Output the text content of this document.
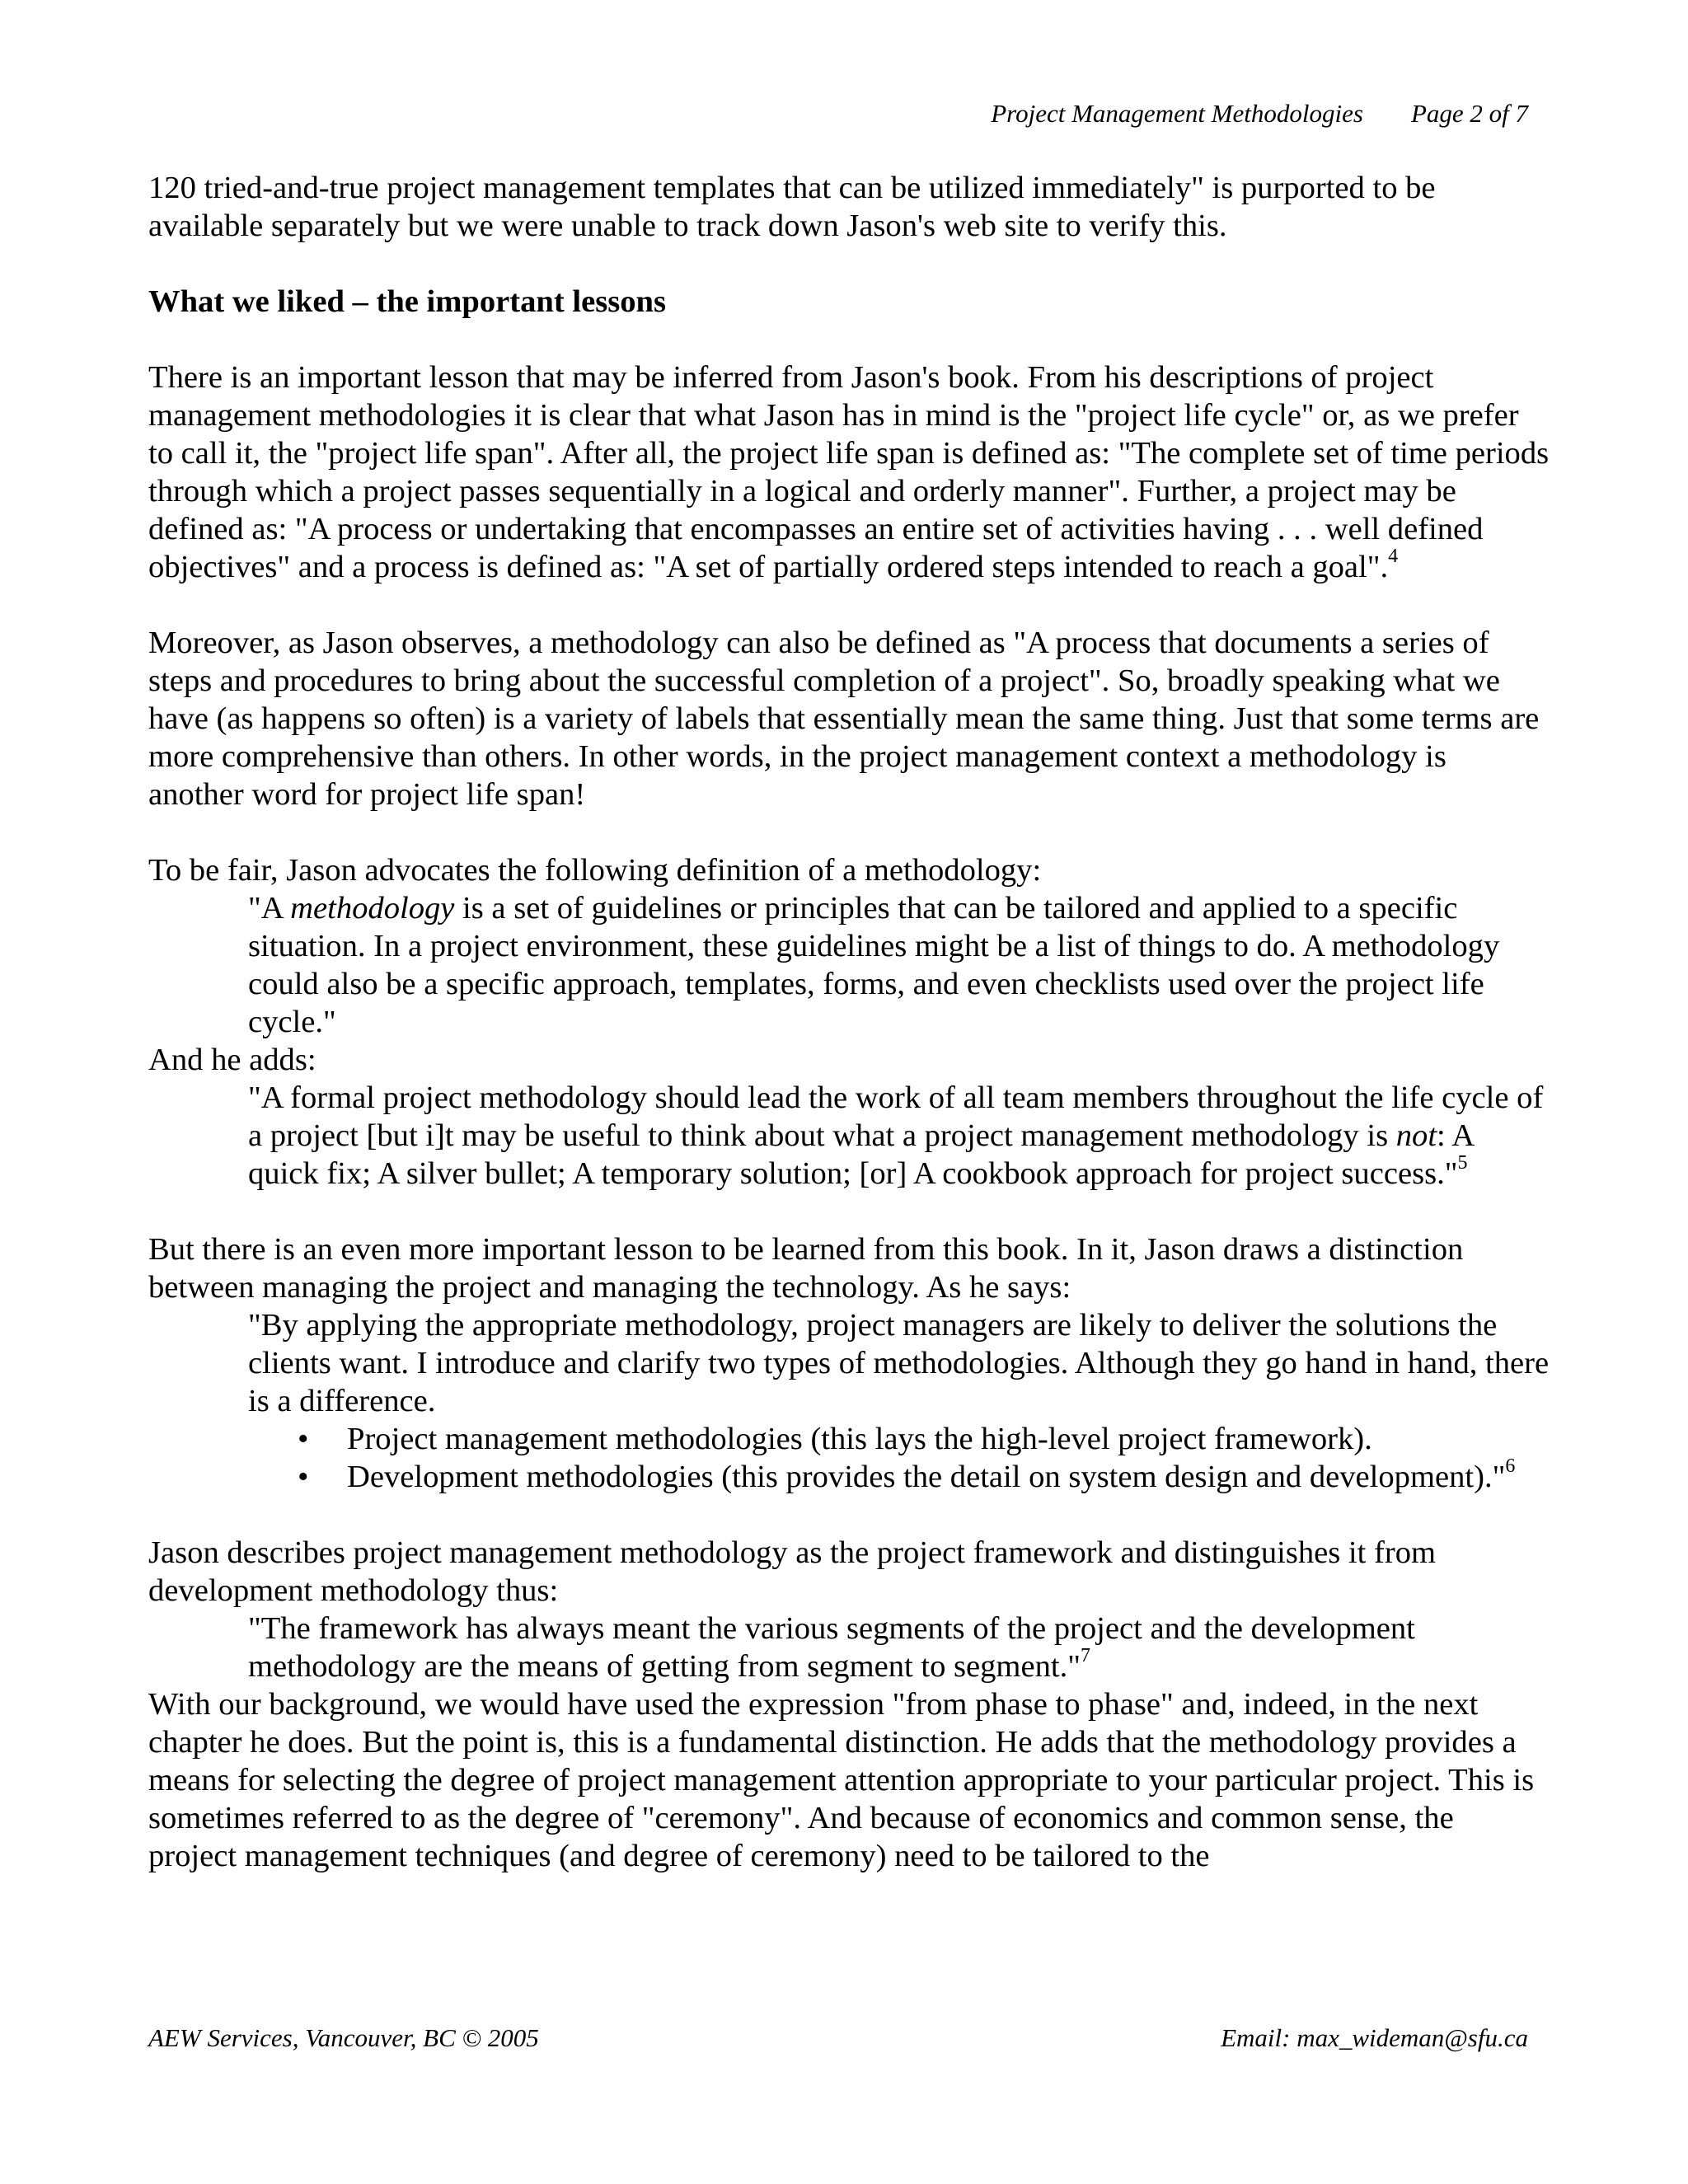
Project Management Methodologies Page 2 of 7

120 tried-and-true project management templates that can be utilized immediately" is purported to be available separately but we were unable to track down Jason's web site to verify this.

What we liked – the important lessons

There is an important lesson that may be inferred from Jason's book. From his descriptions of project management methodologies it is clear that what Jason has in mind is the "project life cycle" or, as we prefer to call it, the "project life span". After all, the project life span is defined as: "The complete set of time periods through which a project passes sequentially in a logical and orderly manner". Further, a project may be defined as: "A process or undertaking that encompasses an entire set of activities having . . . well defined objectives" and a process is defined as: "A set of partially ordered steps intended to reach a goal".$^4$

Moreover, as Jason observes, a methodology can also be defined as "A process that documents a series of steps and procedures to bring about the successful completion of a project". So, broadly speaking what we have (as happens so often) is a variety of labels that essentially mean the same thing. Just that some terms are more comprehensive than others. In other words, in the project management context a methodology is another word for project life span!

To be fair, Jason advocates the following definition of a methodology:

"A methodology is a set of guidelines or principles that can be tailored and applied to a specific situation. In a project environment, these guidelines might be a list of things to do. A methodology could also be a specific approach, templates, forms, and even checklists used over the project life cycle."

And he adds:

"A formal project methodology should lead the work of all team members throughout the life cycle of a project [but i]t may be useful to think about what a project management methodology is not: A quick fix; A silver bullet; A temporary solution; [or] A cookbook approach for project success."$^5$

But there is an even more important lesson to be learned from this book. In it, Jason draws a distinction between managing the project and managing the technology. As he says:

"By applying the appropriate methodology, project managers are likely to deliver the solutions the clients want. I introduce and clarify two types of methodologies. Although they go hand in hand, there is a difference.

• Project management methodologies (this lays the high-level project framework).
• Development methodologies (this provides the detail on system design and development)."$^6$

Jason describes project management methodology as the project framework and distinguishes it from development methodology thus:

"The framework has always meant the various segments of the project and the development methodology are the means of getting from segment to segment."$^7$

With our background, we would have used the expression "from phase to phase" and, indeed, in the next chapter he does. But the point is, this is a fundamental distinction. He adds that the methodology provides a means for selecting the degree of project management attention appropriate to your particular project. This is sometimes referred to as the degree of "ceremony". And because of economics and common sense, the project management techniques (and degree of ceremony) need to be tailored to the

AEW Services, Vancouver, BC © 2005	Email: max_wideman@sfu.ca
